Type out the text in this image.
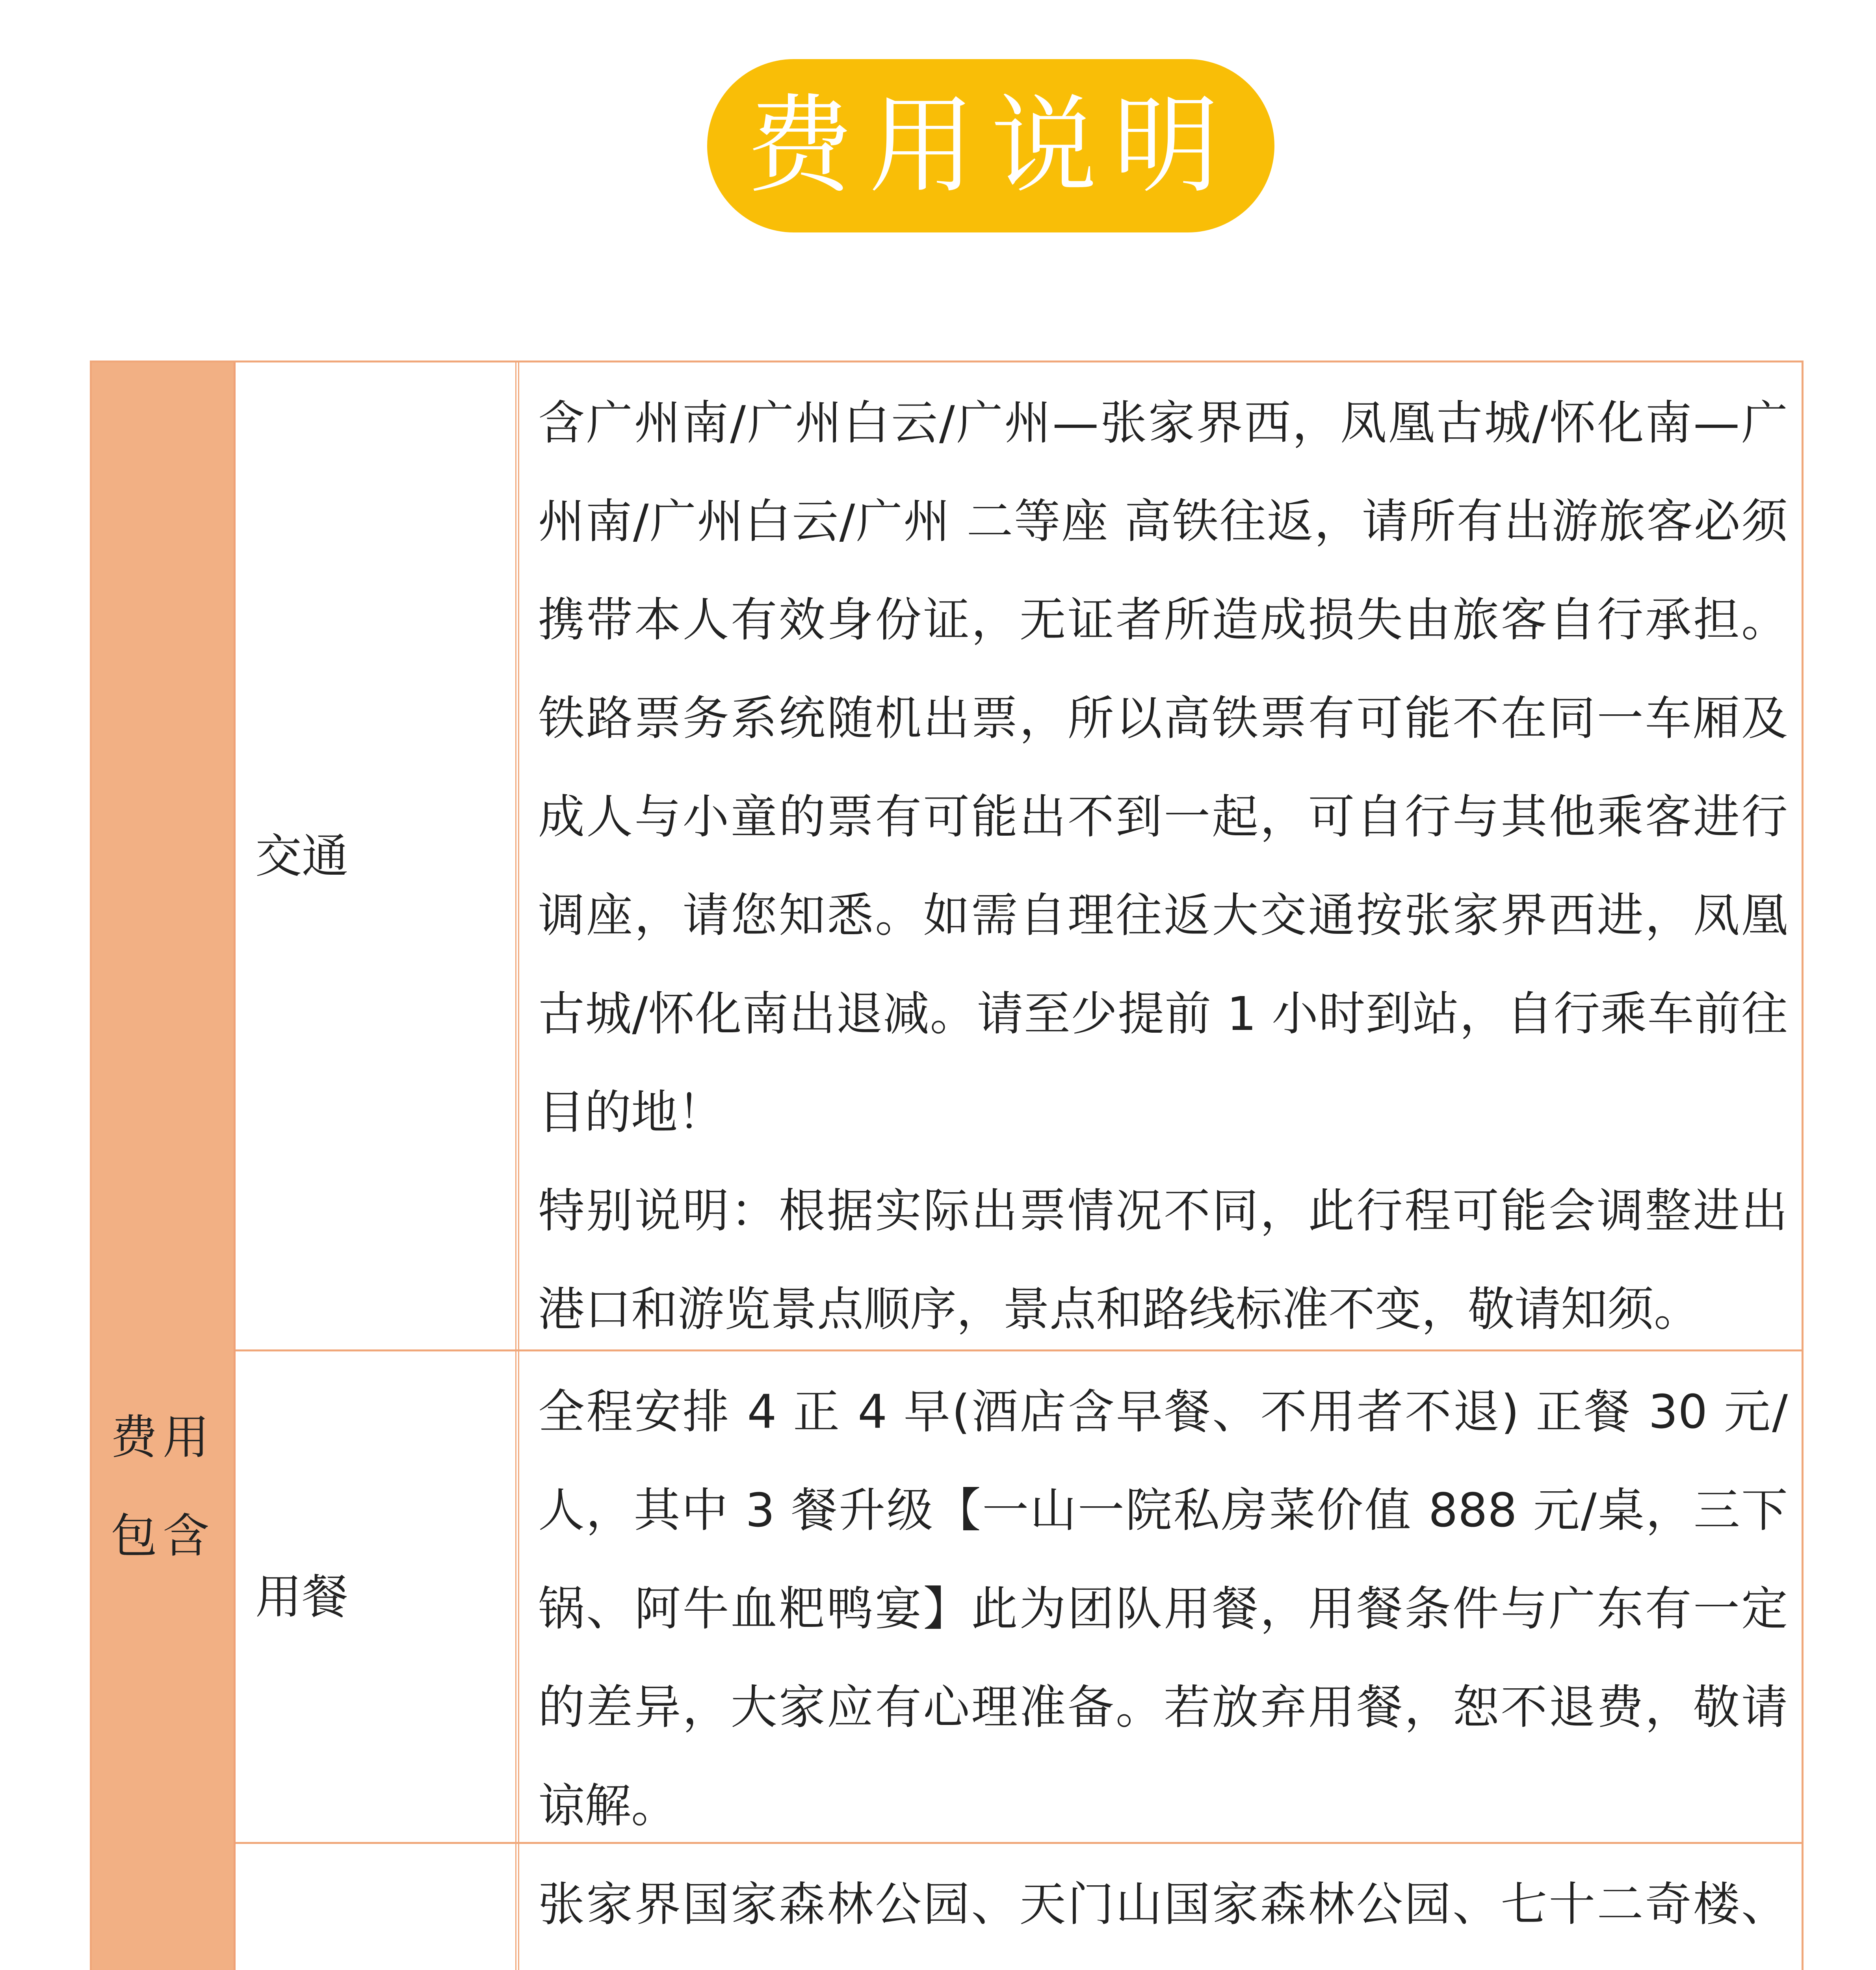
费用说明
费用包含
交通

含广州南/广州白云/广州—张家界西，凤凰古城/怀化南—广州南/广州白云/广州 二等座 高铁往返，请所有出游旅客必须携带本人有效身份证，无证者所造成损失由旅客自行承担。铁路票务系统随机出票，所以高铁票有可能不在同一车厢及成人与小童的票有可能出不到一起，可自行与其他乘客进行调座，请您知悉。如需自理往返大交通按张家界西进，凤凰古城/怀化南出退减。请至少提前 1 小时到站，自行乘车前往目的地！

特别说明：根据实际出票情况不同，此行程可能会调整进出港口和游览景点顺序，景点和路线标准不变，敬请知须。

用餐

全程安排 4 正 4 早(酒店含早餐、不用者不退) 正餐 30 元/人，其中 3 餐升级【一山一院私房菜价值 888 元/桌，三下锅、阿牛血粑鸭宴】此为团队用餐，用餐条件与广东有一定的差异，大家应有心理准备。若放弃用餐，恕不退费，敬请谅解。

张家界国家森林公园、天门山国家森林公园、七十二奇楼、
